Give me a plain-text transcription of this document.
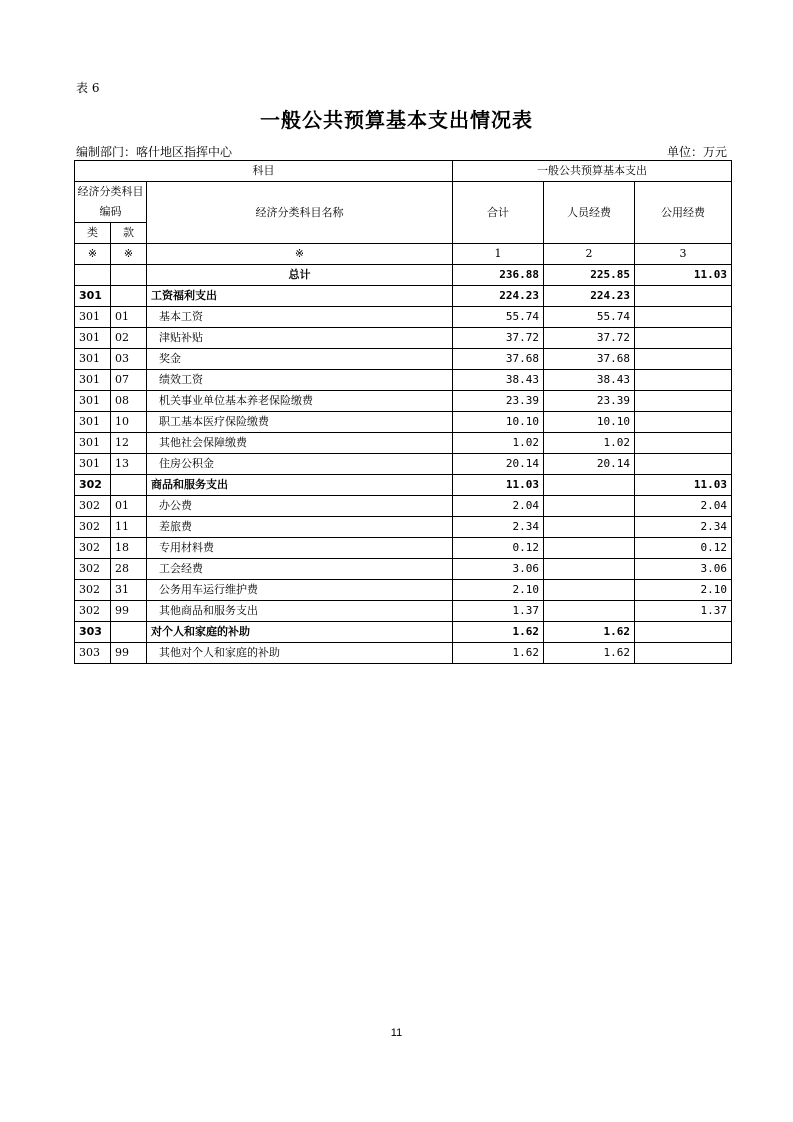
表 6
一般公共预算基本支出情况表
编制部门：喀什地区指挥中心	单位：万元
科目			一般公共预算基本支出		
经济分类科目编码		经济分类科目名称	合计	人员经费	公用经费
类	款				
※	※	※	1	2	3
		总计	236.88	225.85	11.03
301		工资福利支出	224.23	224.23	
301	01	基本工资	55.74	55.74	
301	02	津贴补贴	37.72	37.72	
301	03	奖金	37.68	37.68	
301	07	绩效工资	38.43	38.43	
301	08	机关事业单位基本养老保险缴费	23.39	23.39	
301	10	职工基本医疗保险缴费	10.10	10.10	
301	12	其他社会保障缴费	1.02	1.02	
301	13	住房公积金	20.14	20.14	
302		商品和服务支出	11.03		11.03
302	01	办公费	2.04		2.04
302	11	差旅费	2.34		2.34
302	18	专用材料费	0.12		0.12
302	28	工会经费	3.06		3.06
302	31	公务用车运行维护费	2.10		2.10
302	99	其他商品和服务支出	1.37		1.37
303		对个人和家庭的补助	1.62	1.62	
303	99	其他对个人和家庭的补助	1.62	1.62	
11
